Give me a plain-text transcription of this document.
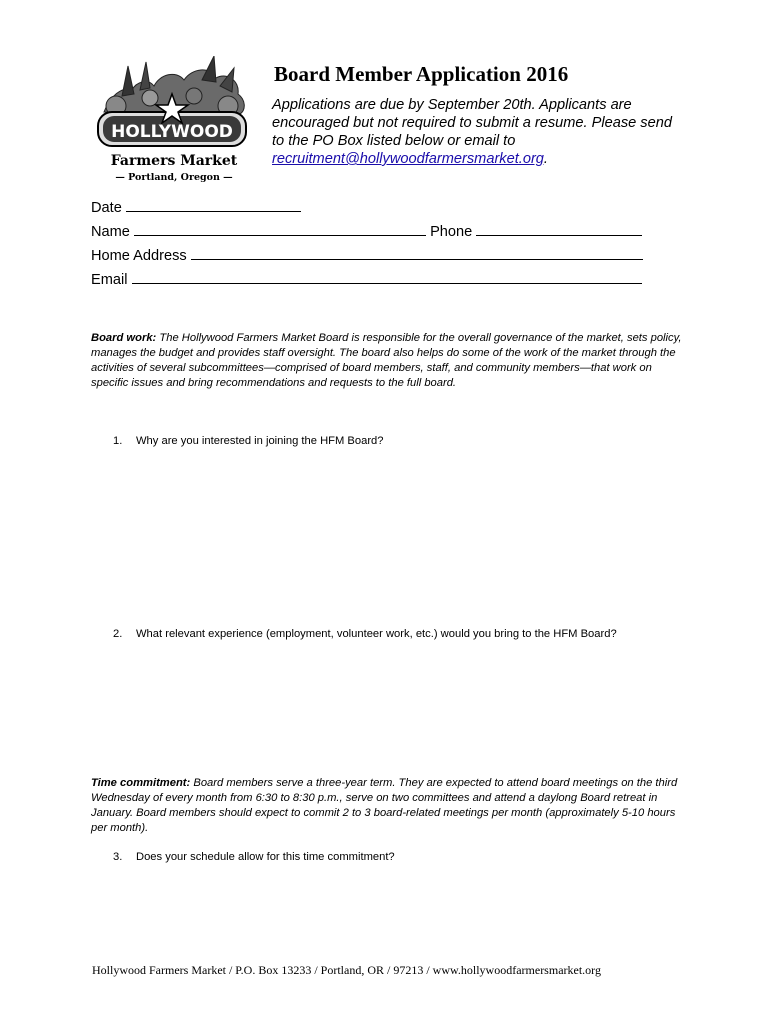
HOLLYWOOD
Farmers Market
— Portland, Oregon —
Board Member Application 2016
Applications are due by September 20th. Applicants are encouraged but not required to submit a resume. Please send to the PO Box listed below or email to recruitment@hollywoodfarmersmarket.org.
Date
Name	Phone
Home Address
Email
Board work: The Hollywood Farmers Market Board is responsible for the overall governance of the market, sets policy, manages the budget and provides staff oversight. The board also helps do some of the work of the market through the activities of several subcommittees—comprised of board members, staff, and community members—that work on specific issues and bring recommendations and requests to the full board.
1. Why are you interested in joining the HFM Board?
2. What relevant experience (employment, volunteer work, etc.) would you bring to the HFM Board?
Time commitment: Board members serve a three-year term. They are expected to attend board meetings on the third Wednesday of every month from 6:30 to 8:30 p.m., serve on two committees and attend a daylong Board retreat in January. Board members should expect to commit 2 to 3 board-related meetings per month (approximately 5-10 hours per month).
3. Does your schedule allow for this time commitment?
Hollywood Farmers Market / P.O. Box 13233 / Portland, OR / 97213 / www.hollywoodfarmersmarket.org
